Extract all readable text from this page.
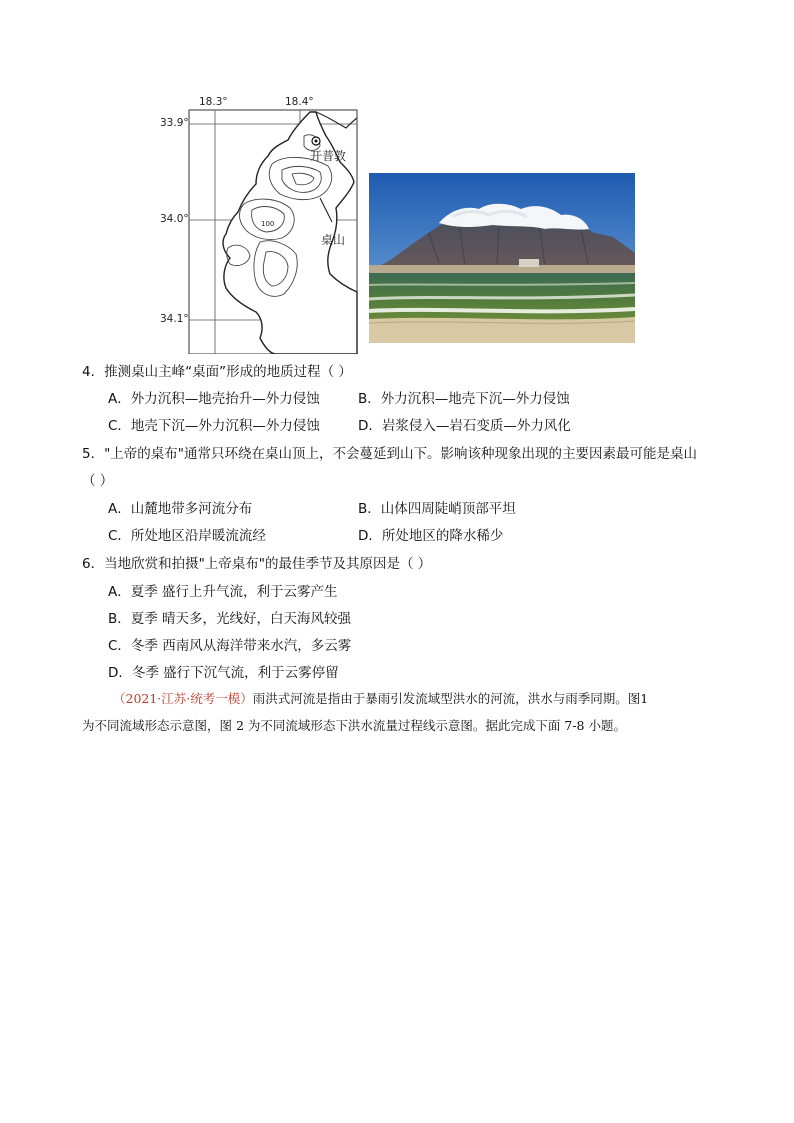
18.3°	18.4°
33.9°
34.0°
34.1°
开普敦
桌山
100
4．推测桌山主峰“桌面”形成的地质过程（ ）
A．外力沉积—地壳抬升—外力侵蚀	B．外力沉积—地壳下沉—外力侵蚀
C．地壳下沉—外力沉积—外力侵蚀	D．岩浆侵入—岩石变质—外力风化
5．"上帝的桌布"通常只环绕在桌山顶上，不会蔓延到山下。影响该种现象出现的主要因素最可能是桌山
（ ）
A．山麓地带多河流分布	B．山体四周陡峭顶部平坦
C．所处地区沿岸暖流流经	D．所处地区的降水稀少
6．当地欣赏和拍摄"上帝桌布"的最佳季节及其原因是（ ）
A．夏季 盛行上升气流，利于云雾产生
B．夏季 晴天多，光线好，白天海风较强
C．冬季 西南风从海洋带来水汽，多云雾
D．冬季 盛行下沉气流，利于云雾停留
（2021·江苏·统考一模）雨洪式河流是指由于暴雨引发流域型洪水的河流，洪水与雨季同期。图1
为不同流域形态示意图，图 2 为不同流域形态下洪水流量过程线示意图。据此完成下面 7-8 小题。
